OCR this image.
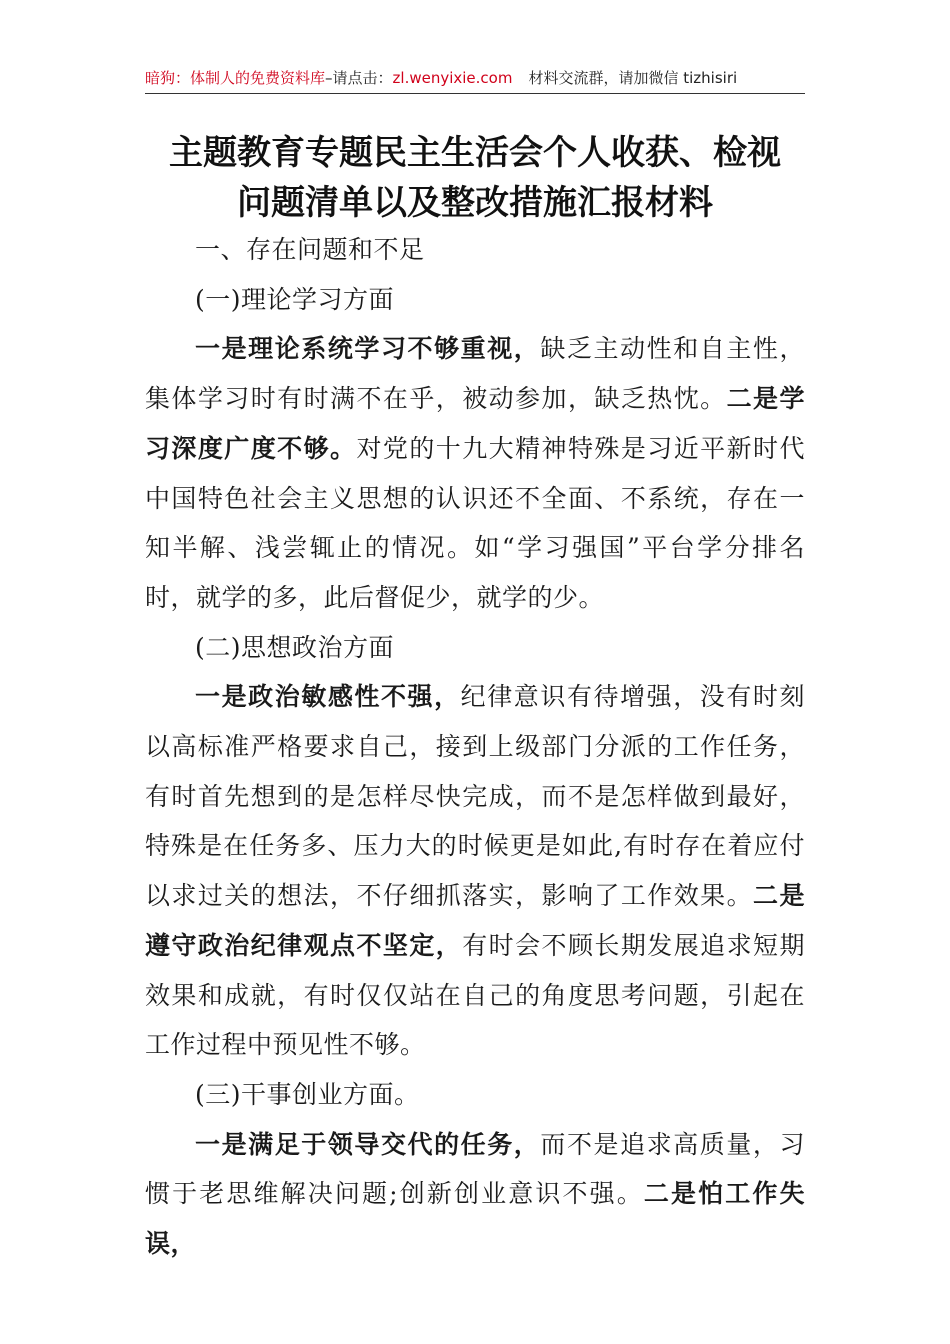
暗狗：体制人的免费资料库–请点击：zl.wenyixie.com 材料交流群，请加微信 tizhisiri
主题教育专题民主生活会个人收获、检视
问题清单以及整改措施汇报材料

一、存在问题和不足

(一)理论学习方面

一是理论系统学习不够重视，缺乏主动性和自主性，集体学习时有时满不在乎，被动参加，缺乏热忱。二是学习深度广度不够。对党的十九大精神特殊是习近平新时代中国特色社会主义思想的认识还不全面、不系统，存在一知半解、浅尝辄止的情况。如“学习强国”平台学分排名时，就学的多，此后督促少，就学的少。

(二)思想政治方面

一是政治敏感性不强，纪律意识有待增强，没有时刻以高标准严格要求自己，接到上级部门分派的工作任务，有时首先想到的是怎样尽快完成，而不是怎样做到最好，特殊是在任务多、压力大的时候更是如此,有时存在着应付以求过关的想法，不仔细抓落实，影响了工作效果。二是遵守政治纪律观点不坚定，有时会不顾长期发展追求短期效果和成就，有时仅仅站在自己的角度思考问题，引起在工作过程中预见性不够。

(三)干事创业方面。

一是满足于领导交代的任务，而不是追求高质量，习惯于老思维解决问题;创新创业意识不强。二是怕工作失误，
